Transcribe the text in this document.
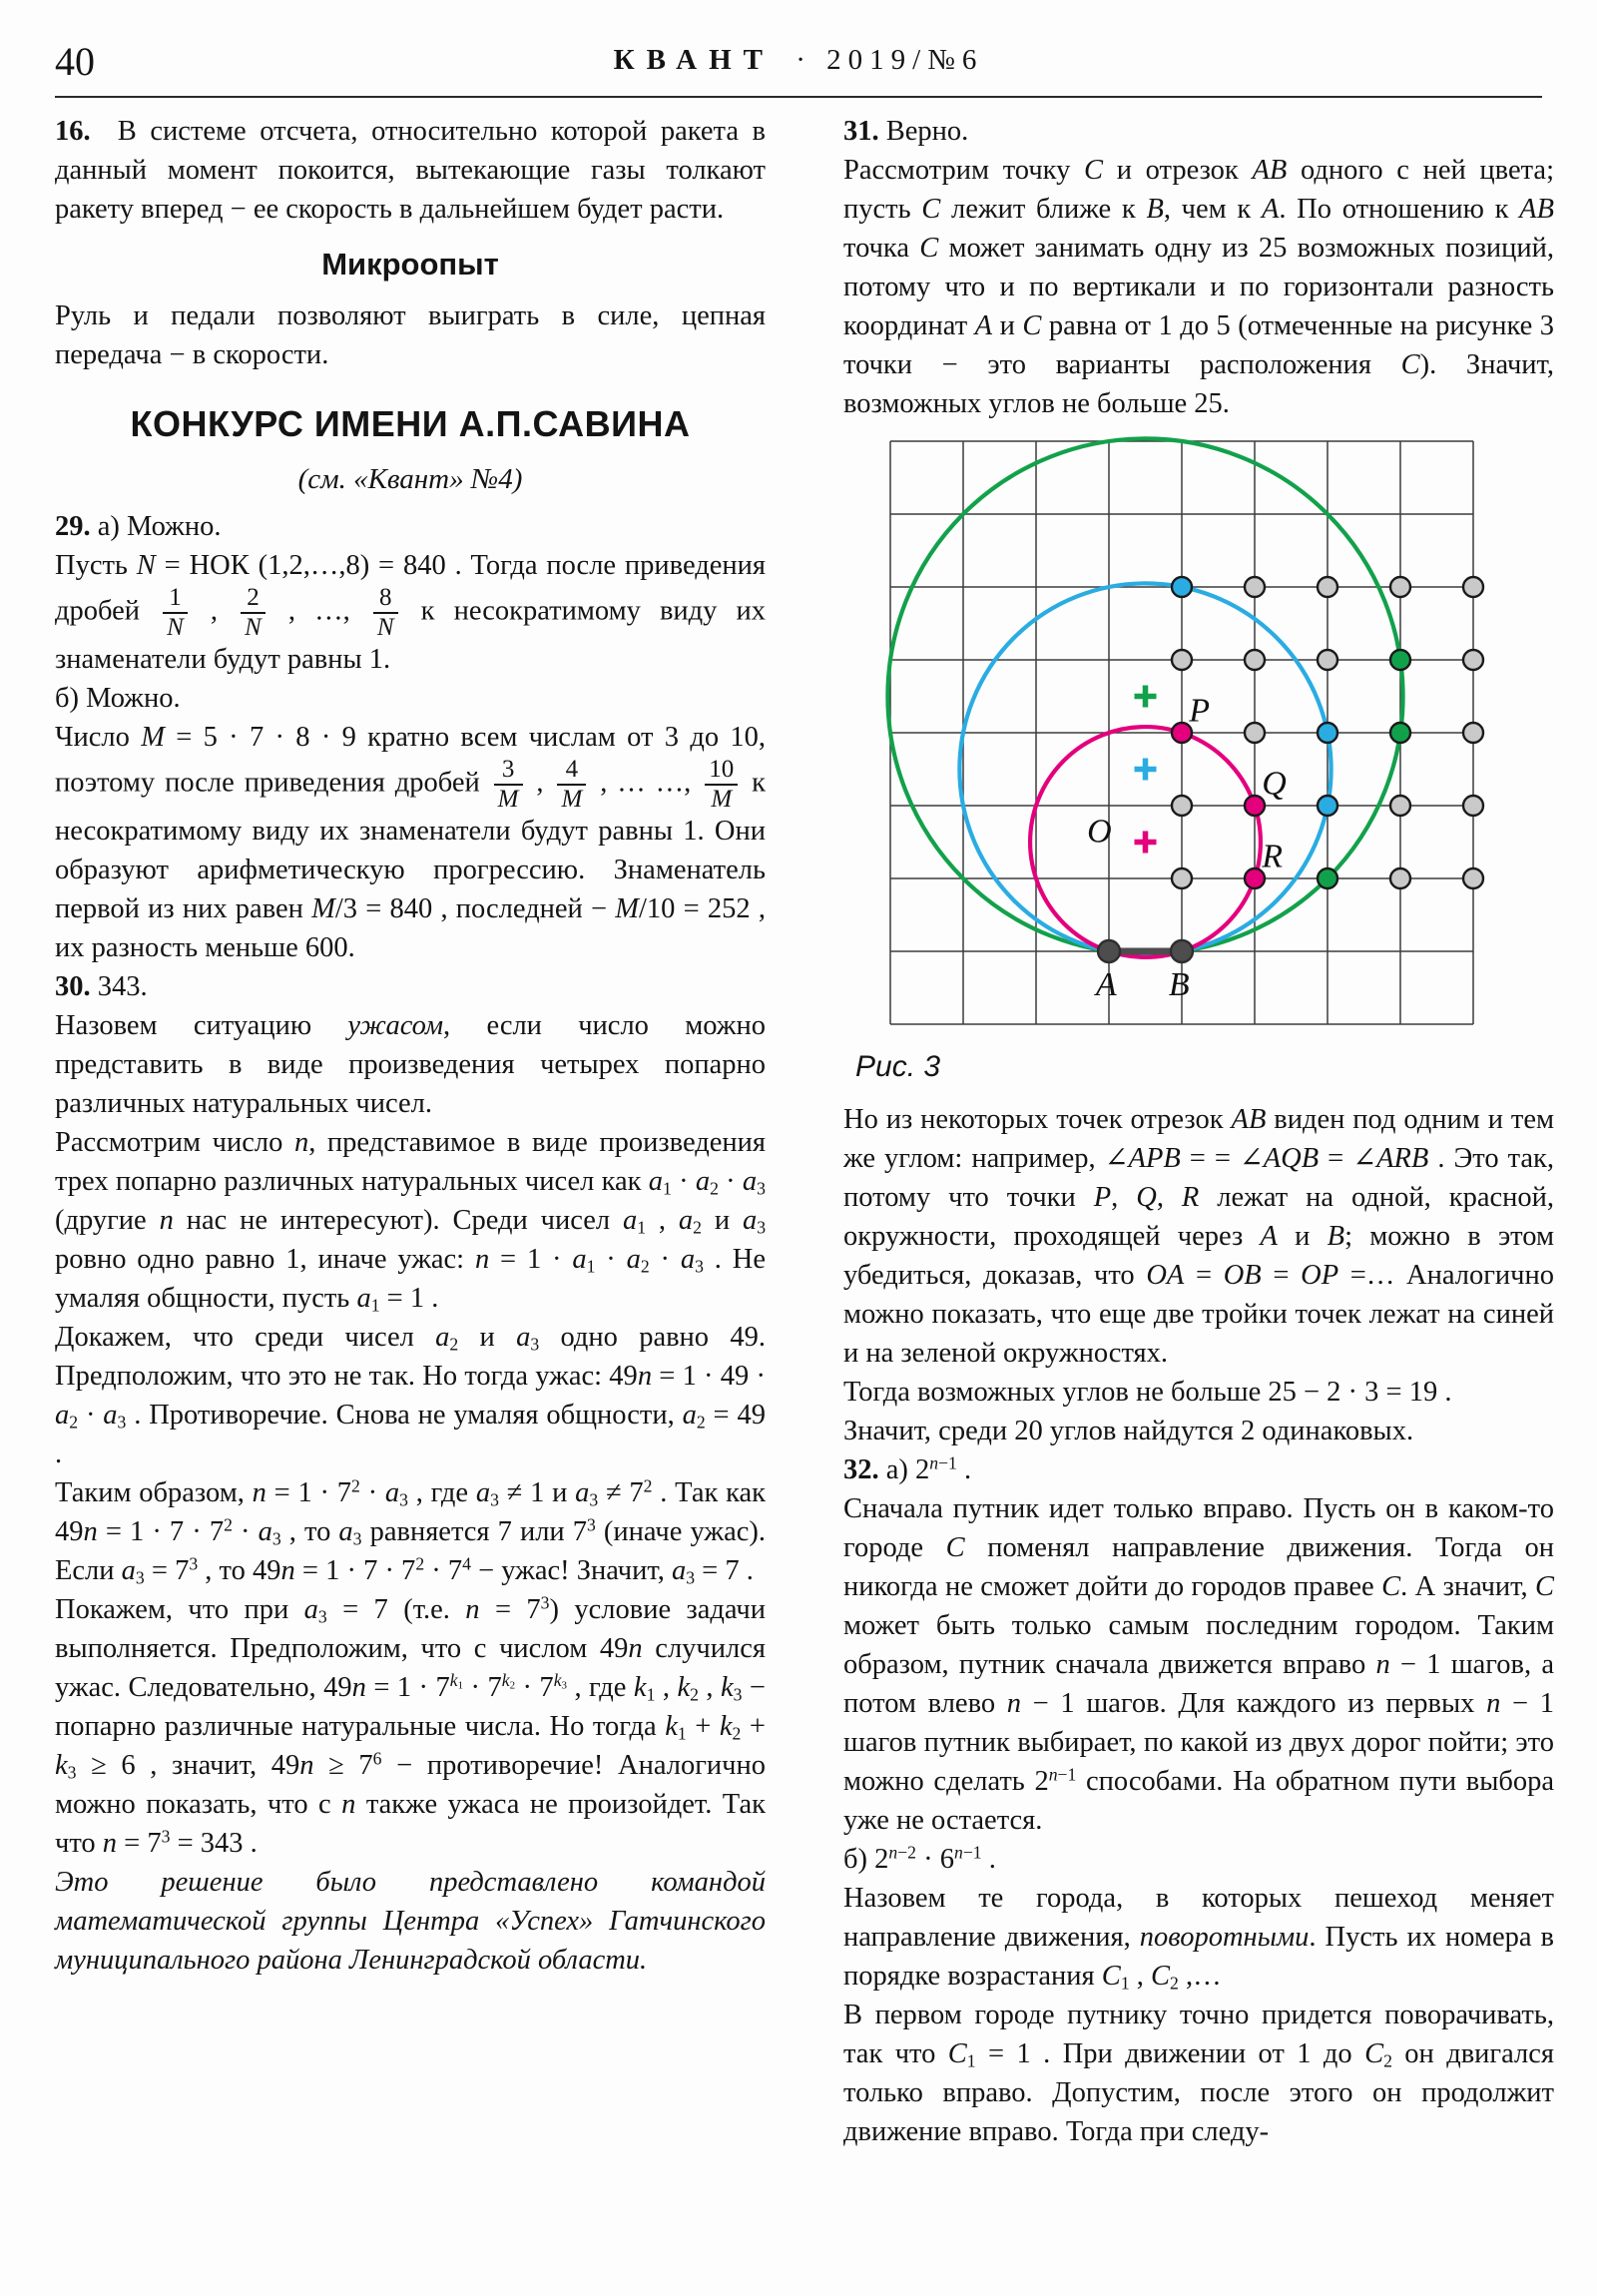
40	КВАНТ · 2019/№6

16.  В системе отсчета, относительно которой ракета в данный момент покоится, вытекающие газы толкают ракету вперед − ее скорость в дальнейшем будет расти.

Микроопыт

Руль и педали позволяют выиграть в силе, цепная передача − в скорости.

КОНКУРС ИМЕНИ А.П.САВИНА
(см. «Квант» №4)

29. а) Можно.

Пусть N = НОК (1,2,…,8) = 840 . Тогда после приведения дробей $\frac{1}{N}$ , $\frac{2}{N}$ , …, $\frac{8}{N}$ к несократимому виду их знаменатели будут равны 1.

б) Можно.

Число M = 5 · 7 · 8 · 9 кратно всем числам от 3 до 10, поэтому после приведения дробей $\frac{3}{M}$ , $\frac{4}{M}$ , … …, $\frac{10}{M}$ к несократимому виду их знаменатели будут равны 1. Они образуют арифметическую прогрессию. Знаменатель первой из них равен M/3 = 840 , последней − M/10 = 252 , их разность меньше 600.

30. 343.

Назовем ситуацию ужасом, если число можно представить в виде произведения четырех попарно различных натуральных чисел.

Рассмотрим число n, представимое в виде произведения трех попарно различных натуральных чисел как $a_1 \cdot a_2 \cdot a_3$ (другие n нас не интересуют). Среди чисел $a_1$ , $a_2$ и $a_3$ ровно одно равно 1, иначе ужас: $n = 1 \cdot a_1 \cdot a_2 \cdot a_3$ . Не умаляя общности, пусть $a_1 = 1$ .

Докажем, что среди чисел $a_2$ и $a_3$ одно равно 49. Предположим, что это не так. Но тогда ужас: $49n = 1 \cdot 49 \cdot a_2 \cdot a_3$ . Противоречие. Снова не умаляя общности, $a_2 = 49$ .

Таким образом, $n = 1 \cdot 7^2 \cdot a_3$ , где $a_3 \ne 1$ и $a_3 \ne 7^2$ . Так как $49n = 1 \cdot 7 \cdot 7^2 \cdot a_3$ , то $a_3$ равняется 7 или $7^3$ (иначе ужас). Если $a_3 = 7^3$ , то $49n = 1 \cdot 7 \cdot 7^2 \cdot 7^4$ − ужас! Значит, $a_3 = 7$ .

Покажем, что при $a_3 = 7$ (т.е. $n = 7^3$) условие задачи выполняется. Предположим, что с числом 49n случился ужас. Следовательно, $49n = 1 \cdot 7^{k_1} \cdot 7^{k_2} \cdot 7^{k_3}$ , где $k_1$ , $k_2$ , $k_3$ − попарно различные натуральные числа. Но тогда $k_1 + k_2 + k_3 \ge 6$ , значит, $49n \ge 7^6$ − противоречие! Аналогично можно показать, что с n также ужаса не произойдет. Так что $n = 7^3 = 343$ .

Это решение было представлено командой математической группы Центра «Успех» Гатчинского муниципального района Ленинградской области.

31. Верно.

Рассмотрим точку C и отрезок AB одного с ней цвета; пусть C лежит ближе к B, чем к A. По отношению к AB точка C может занимать одну из 25 возможных позиций, потому что и по вертикали и по горизонтали разность координат A и C равна от 1 до 5 (отмеченные на рисунке 3 точки − это варианты расположения C). Значит, возможных углов не больше 25.

P
Q
R
O
A B
Рис. 3

Но из некоторых точек отрезок AB виден под одним и тем же углом: например, ∠APB = = ∠AQB = ∠ARB . Это так, потому что точки P, Q, R лежат на одной, красной, окружности, проходящей через A и B; можно в этом убедиться, доказав, что OA = OB = OP =… Аналогично можно показать, что еще две тройки точек лежат на синей и на зеленой окружностях.

Тогда возможных углов не больше 25 − 2 · 3 = 19 .

Значит, среди 20 углов найдутся 2 одинаковых.

32. а) $2^{n-1}$ .

Сначала путник идет только вправо. Пусть он в каком-то городе C поменял направление движения. Тогда он никогда не сможет дойти до городов правее C. А значит, C может быть только самым последним городом. Таким образом, путник сначала движется вправо n − 1 шагов, а потом влево n − 1 шагов. Для каждого из первых n − 1 шагов путник выбирает, по какой из двух дорог пойти; это можно сделать $2^{n-1}$ способами. На обратном пути выбора уже не остается.

б) $2^{n-2} \cdot 6^{n-1}$ .

Назовем те города, в которых пешеход меняет направление движения, поворотными. Пусть их номера в порядке возрастания $C_1$ , $C_2$ ,…

В первом городе путнику точно придется поворачивать, так что $C_1 = 1$ . При движении от 1 до $C_2$ он двигался только вправо. Допустим, после этого он продолжит движение вправо. Тогда при следу-
